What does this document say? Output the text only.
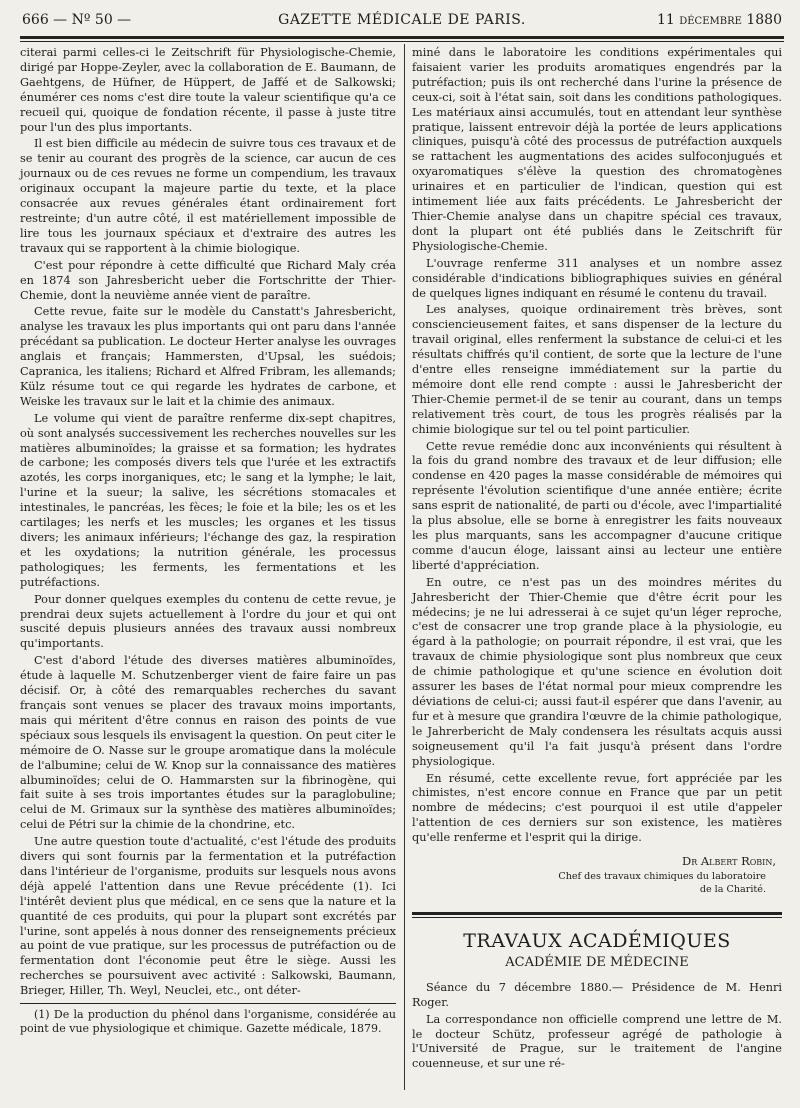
666 — Nº 50 —	GAZETTE MÉDICALE DE PARIS.	11 décembre 1880

citerai parmi celles-ci le Zeitschrift für Physiologische-Chemie, dirigé par Hoppe-Zeyler, avec la collaboration de E. Baumann, de Gaehtgens, de Hüfner, de Hüppert, de Jaffé et de Salkowski; énumérer ces noms c'est dire toute la valeur scientifique qu'a ce recueil qui, quoique de fondation récente, il passe à juste titre pour l'un des plus importants.

Il est bien difficile au médecin de suivre tous ces travaux et de se tenir au courant des progrès de la science, car aucun de ces journaux ou de ces revues ne forme un compendium, les travaux originaux occupant la majeure partie du texte, et la place consacrée aux revues générales étant ordinairement fort restreinte; d'un autre côté, il est matériellement impossible de lire tous les journaux spéciaux et d'extraire des autres les travaux qui se rapportent à la chimie biologique.

C'est pour répondre à cette difficulté que Richard Maly créa en 1874 son Jahresbericht ueber die Fortschritte der Thier-Chemie, dont la neuvième année vient de paraître.

Cette revue, faite sur le modèle du Canstatt's Jahresbericht, analyse les travaux les plus importants qui ont paru dans l'année précédant sa publication. Le docteur Herter analyse les ouvrages anglais et français; Hammersten, d'Upsal, les suédois; Capranica, les italiens; Richard et Alfred Fribram, les allemands; Külz résume tout ce qui regarde les hydrates de carbone, et Weiske les travaux sur le lait et la chimie des animaux.

Le volume qui vient de paraître renferme dix-sept chapitres, où sont analysés successivement les recherches nouvelles sur les matières albuminoïdes; la graisse et sa formation; les hydrates de carbone; les composés divers tels que l'urée et les extractifs azotés, les corps inorganiques, etc; le sang et la lymphe; le lait, l'urine et la sueur; la salive, les sécrétions stomacales et intestinales, le pancréas, les fèces; le foie et la bile; les os et les cartilages; les nerfs et les muscles; les organes et les tissus divers; les animaux inférieurs; l'échange des gaz, la respiration et les oxydations; la nutrition générale, les processus pathologiques; les ferments, les fermentations et les putréfactions.

Pour donner quelques exemples du contenu de cette revue, je prendrai deux sujets actuellement à l'ordre du jour et qui ont suscité depuis plusieurs années des travaux aussi nombreux qu'importants.

C'est d'abord l'étude des diverses matières albuminoïdes, étude à laquelle M. Schutzenberger vient de faire faire un pas décisif. Or, à côté des remarquables recherches du savant français sont venues se placer des travaux moins importants, mais qui méritent d'être connus en raison des points de vue spéciaux sous lesquels ils envisagent la question. On peut citer le mémoire de O. Nasse sur le groupe aromatique dans la molécule de l'albumine; celui de W. Knop sur la connaissance des matières albuminoïdes; celui de O. Hammarsten sur la fibrinogène, qui fait suite à ses trois importantes études sur la paraglobuline; celui de M. Grimaux sur la synthèse des matières albuminoïdes; celui de Pétri sur la chimie de la chondrine, etc.

Une autre question toute d'actualité, c'est l'étude des produits divers qui sont fournis par la fermentation et la putréfaction dans l'intérieur de l'organisme, produits sur lesquels nous avons déjà appelé l'attention dans une Revue précédente (1). Ici l'intérêt devient plus que médical, en ce sens que la nature et la quantité de ces produits, qui pour la plupart sont excrétés par l'urine, sont appelés à nous donner des renseignements précieux au point de vue pratique, sur les processus de putréfaction ou de fermentation dont l'économie peut être le siège. Aussi les recherches se poursuivent avec activité : Salkowski, Baumann, Brieger, Hiller, Th. Weyl, Neuclei, etc., ont déter-

(1) De la production du phénol dans l'organisme, considérée au point de vue physiologique et chimique. Gazette médicale, 1879.

miné dans le laboratoire les conditions expérimentales qui faisaient varier les produits aromatiques engendrés par la putréfaction; puis ils ont recherché dans l'urine la présence de ceux-ci, soit à l'état sain, soit dans les conditions pathologiques. Les matériaux ainsi accumulés, tout en attendant leur synthèse pratique, laissent entrevoir déjà la portée de leurs applications cliniques, puisqu'à côté des processus de putréfaction auxquels se rattachent les augmentations des acides sulfoconjugués et oxyaromatiques s'élève la question des chromatogènes urinaires et en particulier de l'indican, question qui est intimement liée aux faits précédents. Le Jahresbericht der Thier-Chemie analyse dans un chapitre spécial ces travaux, dont la plupart ont été publiés dans le Zeitschrift für Physiologische-Chemie.

L'ouvrage renferme 311 analyses et un nombre assez considérable d'indications bibliographiques suivies en général de quelques lignes indiquant en résumé le contenu du travail.

Les analyses, quoique ordinairement très brèves, sont consciencieusement faites, et sans dispenser de la lecture du travail original, elles renferment la substance de celui-ci et les résultats chiffrés qu'il contient, de sorte que la lecture de l'une d'entre elles renseigne immédiatement sur la partie du mémoire dont elle rend compte : aussi le Jahresbericht der Thier-Chemie permet-il de se tenir au courant, dans un temps relativement très court, de tous les progrès réalisés par la chimie biologique sur tel ou tel point particulier.

Cette revue remédie donc aux inconvénients qui résultent à la fois du grand nombre des travaux et de leur diffusion; elle condense en 420 pages la masse considérable de mémoires qui représente l'évolution scientifique d'une année entière; écrite sans esprit de nationalité, de parti ou d'école, avec l'impartialité la plus absolue, elle se borne à enregistrer les faits nouveaux les plus marquants, sans les accompagner d'aucune critique comme d'aucun éloge, laissant ainsi au lecteur une entière liberté d'appréciation.

En outre, ce n'est pas un des moindres mérites du Jahresbericht der Thier-Chemie que d'être écrit pour les médecins; je ne lui adresserai à ce sujet qu'un léger reproche, c'est de consacrer une trop grande place à la physiologie, eu égard à la pathologie; on pourrait répondre, il est vrai, que les travaux de chimie physiologique sont plus nombreux que ceux de chimie pathologique et qu'une science en évolution doit assurer les bases de l'état normal pour mieux comprendre les déviations de celui-ci; aussi faut-il espérer que dans l'avenir, au fur et à mesure que grandira l'œuvre de la chimie pathologique, le Jahrerbericht de Maly condensera les résultats acquis aussi soigneusement qu'il l'a fait jusqu'à présent dans l'ordre physiologique.

En résumé, cette excellente revue, fort appréciée par les chimistes, n'est encore connue en France que par un petit nombre de médecins; c'est pourquoi il est utile d'appeler l'attention de ces derniers sur son existence, les matières qu'elle renferme et l'esprit qui la dirige.

Dr Albert Robin,
Chef des travaux chimiques du laboratoire
de la Charité.
TRAVAUX ACADÉMIQUES
ACADÉMIE DE MÉDECINE

Séance du 7 décembre 1880.— Présidence de M. Henri Roger.

La correspondance non officielle comprend une lettre de M. le docteur Schütz, professeur agrégé de pathologie à l'Université de Prague, sur le traitement de l'angine couenneuse, et sur une ré-
